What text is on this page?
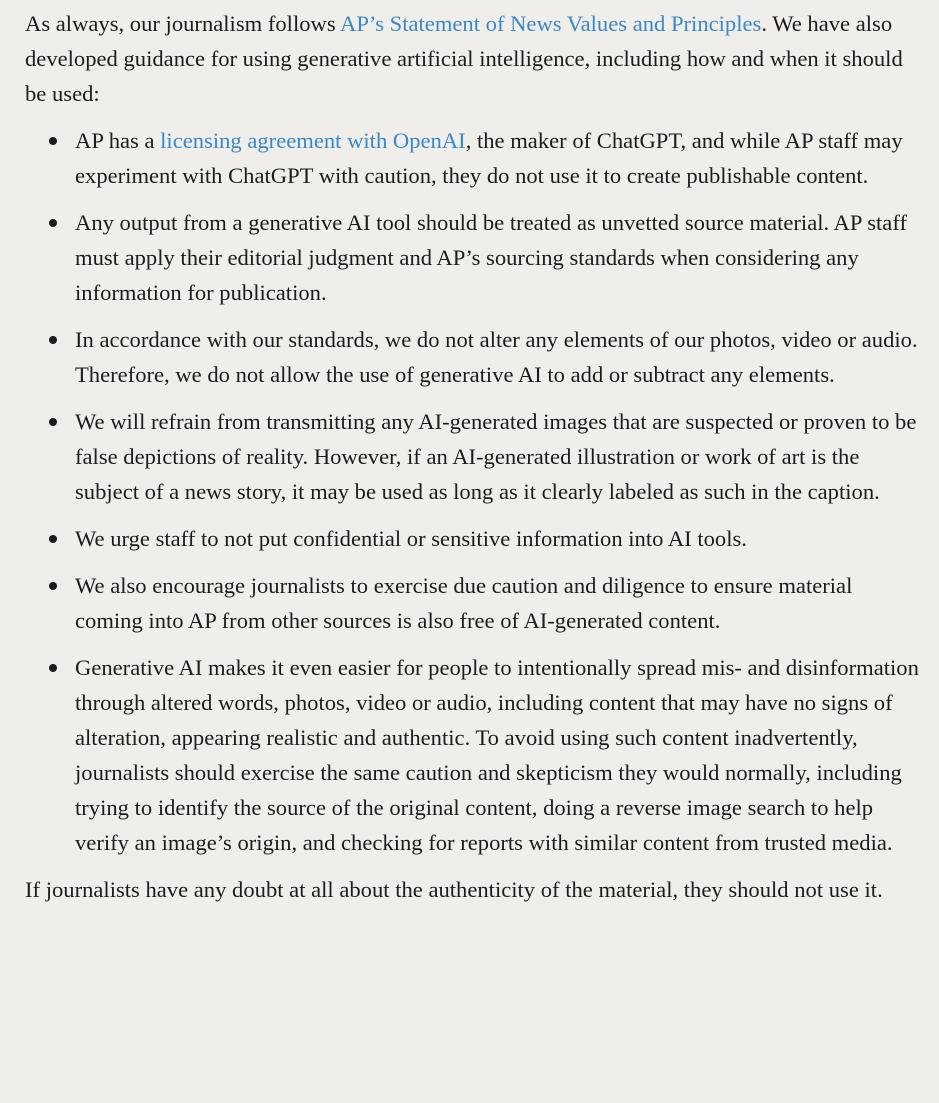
As always, our journalism follows AP’s Statement of News Values and Principles. We have also developed guidance for using generative artificial intelligence, including how and when it should be used:

AP has a licensing agreement with OpenAI, the maker of ChatGPT, and while AP staff may experiment with ChatGPT with caution, they do not use it to create publishable content.
Any output from a generative AI tool should be treated as unvetted source material. AP staff must apply their editorial judgment and AP’s sourcing standards when considering any information for publication.
In accordance with our standards, we do not alter any elements of our photos, video or audio. Therefore, we do not allow the use of generative AI to add or subtract any elements.
We will refrain from transmitting any AI-generated images that are suspected or proven to be false depictions of reality. However, if an AI-generated illustration or work of art is the subject of a news story, it may be used as long as it clearly labeled as such in the caption.
We urge staff to not put confidential or sensitive information into AI tools.
We also encourage journalists to exercise due caution and diligence to ensure material coming into AP from other sources is also free of AI-generated content.
Generative AI makes it even easier for people to intentionally spread mis- and disinformation through altered words, photos, video or audio, including content that may have no signs of alteration, appearing realistic and authentic. To avoid using such content inadvertently, journalists should exercise the same caution and skepticism they would normally, including trying to identify the source of the original content, doing a reverse image search to help verify an image’s origin, and checking for reports with similar content from trusted media.

If journalists have any doubt at all about the authenticity of the material, they should not use it.
